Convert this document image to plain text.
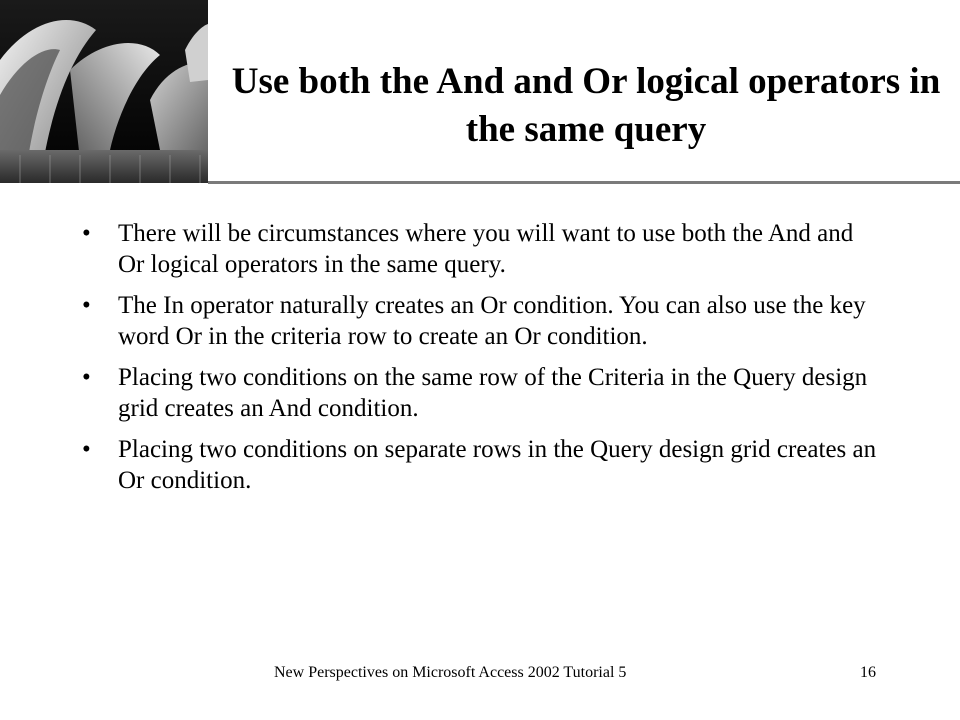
Use both the And and Or logical operators in the same query
• There will be circumstances where you will want to use both the And and Or logical operators in the same query.
• The In operator naturally creates an Or condition. You can also use the key word Or in the criteria row to create an Or condition.
• Placing two conditions on the same row of the Criteria in the Query design grid creates an And condition.
• Placing two conditions on separate rows in the Query design grid creates an Or condition.
New Perspectives on Microsoft Access 2002 Tutorial 5	16
